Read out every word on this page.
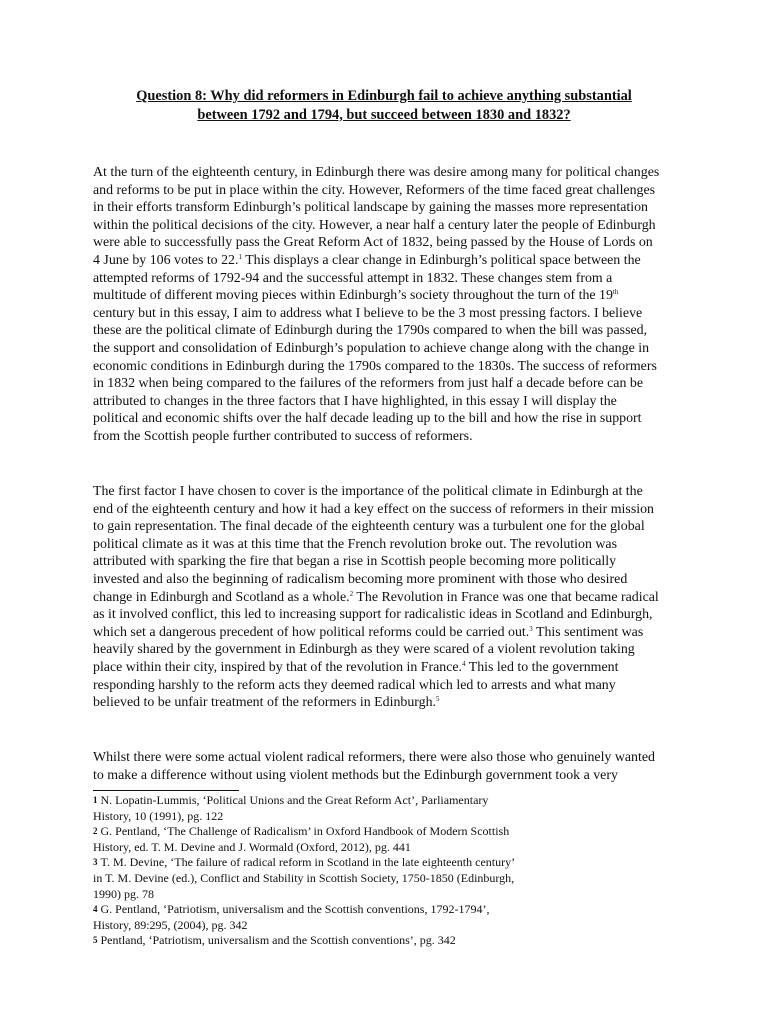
Question 8: Why did reformers in Edinburgh fail to achieve anything substantial
between 1792 and 1794, but succeed between 1830 and 1832?
At the turn of the eighteenth century, in Edinburgh there was desire among many for political changes
and reforms to be put in place within the city. However, Reformers of the time faced great challenges
in their efforts transform Edinburgh’s political landscape by gaining the masses more representation
within the political decisions of the city. However, a near half a century later the people of Edinburgh
were able to successfully pass the Great Reform Act of 1832, being passed by the House of Lords on
4 June by 106 votes to 22.$^1$ This displays a clear change in Edinburgh’s political space between the
attempted reforms of 1792-94 and the successful attempt in 1832. These changes stem from a
multitude of different moving pieces within Edinburgh’s society throughout the turn of the 19th
century but in this essay, I aim to address what I believe to be the 3 most pressing factors. I believe
these are the political climate of Edinburgh during the 1790s compared to when the bill was passed,
the support and consolidation of Edinburgh’s population to achieve change along with the change in
economic conditions in Edinburgh during the 1790s compared to the 1830s. The success of reformers
in 1832 when being compared to the failures of the reformers from just half a decade before can be
attributed to changes in the three factors that I have highlighted, in this essay I will display the
political and economic shifts over the half decade leading up to the bill and how the rise in support
from the Scottish people further contributed to success of reformers.
The first factor I have chosen to cover is the importance of the political climate in Edinburgh at the
end of the eighteenth century and how it had a key effect on the success of reformers in their mission
to gain representation. The final decade of the eighteenth century was a turbulent one for the global
political climate as it was at this time that the French revolution broke out. The revolution was
attributed with sparking the fire that began a rise in Scottish people becoming more politically
invested and also the beginning of radicalism becoming more prominent with those who desired
change in Edinburgh and Scotland as a whole.$^2$ The Revolution in France was one that became radical
as it involved conflict, this led to increasing support for radicalistic ideas in Scotland and Edinburgh,
which set a dangerous precedent of how political reforms could be carried out.$^3$ This sentiment was
heavily shared by the government in Edinburgh as they were scared of a violent revolution taking
place within their city, inspired by that of the revolution in France.$^4$ This led to the government
responding harshly to the reform acts they deemed radical which led to arrests and what many
believed to be unfair treatment of the reformers in Edinburgh.$^5$
Whilst there were some actual violent radical reformers, there were also those who genuinely wanted
to make a difference without using violent methods but the Edinburgh government took a very
1 N. Lopatin-Lummis, ‘Political Unions and the Great Reform Act’, Parliamentary
History, 10 (1991), pg. 122
2 G. Pentland, ‘The Challenge of Radicalism’ in Oxford Handbook of Modern Scottish
History, ed. T. M. Devine and J. Wormald (Oxford, 2012), pg. 441
3 T. M. Devine, ‘The failure of radical reform in Scotland in the late eighteenth century’
in T. M. Devine (ed.), Conflict and Stability in Scottish Society, 1750-1850 (Edinburgh,
1990) pg. 78
4 G. Pentland, ‘Patriotism, universalism and the Scottish conventions, 1792-1794’,
History, 89:295, (2004), pg. 342
5 Pentland, ‘Patriotism, universalism and the Scottish conventions’, pg. 342
